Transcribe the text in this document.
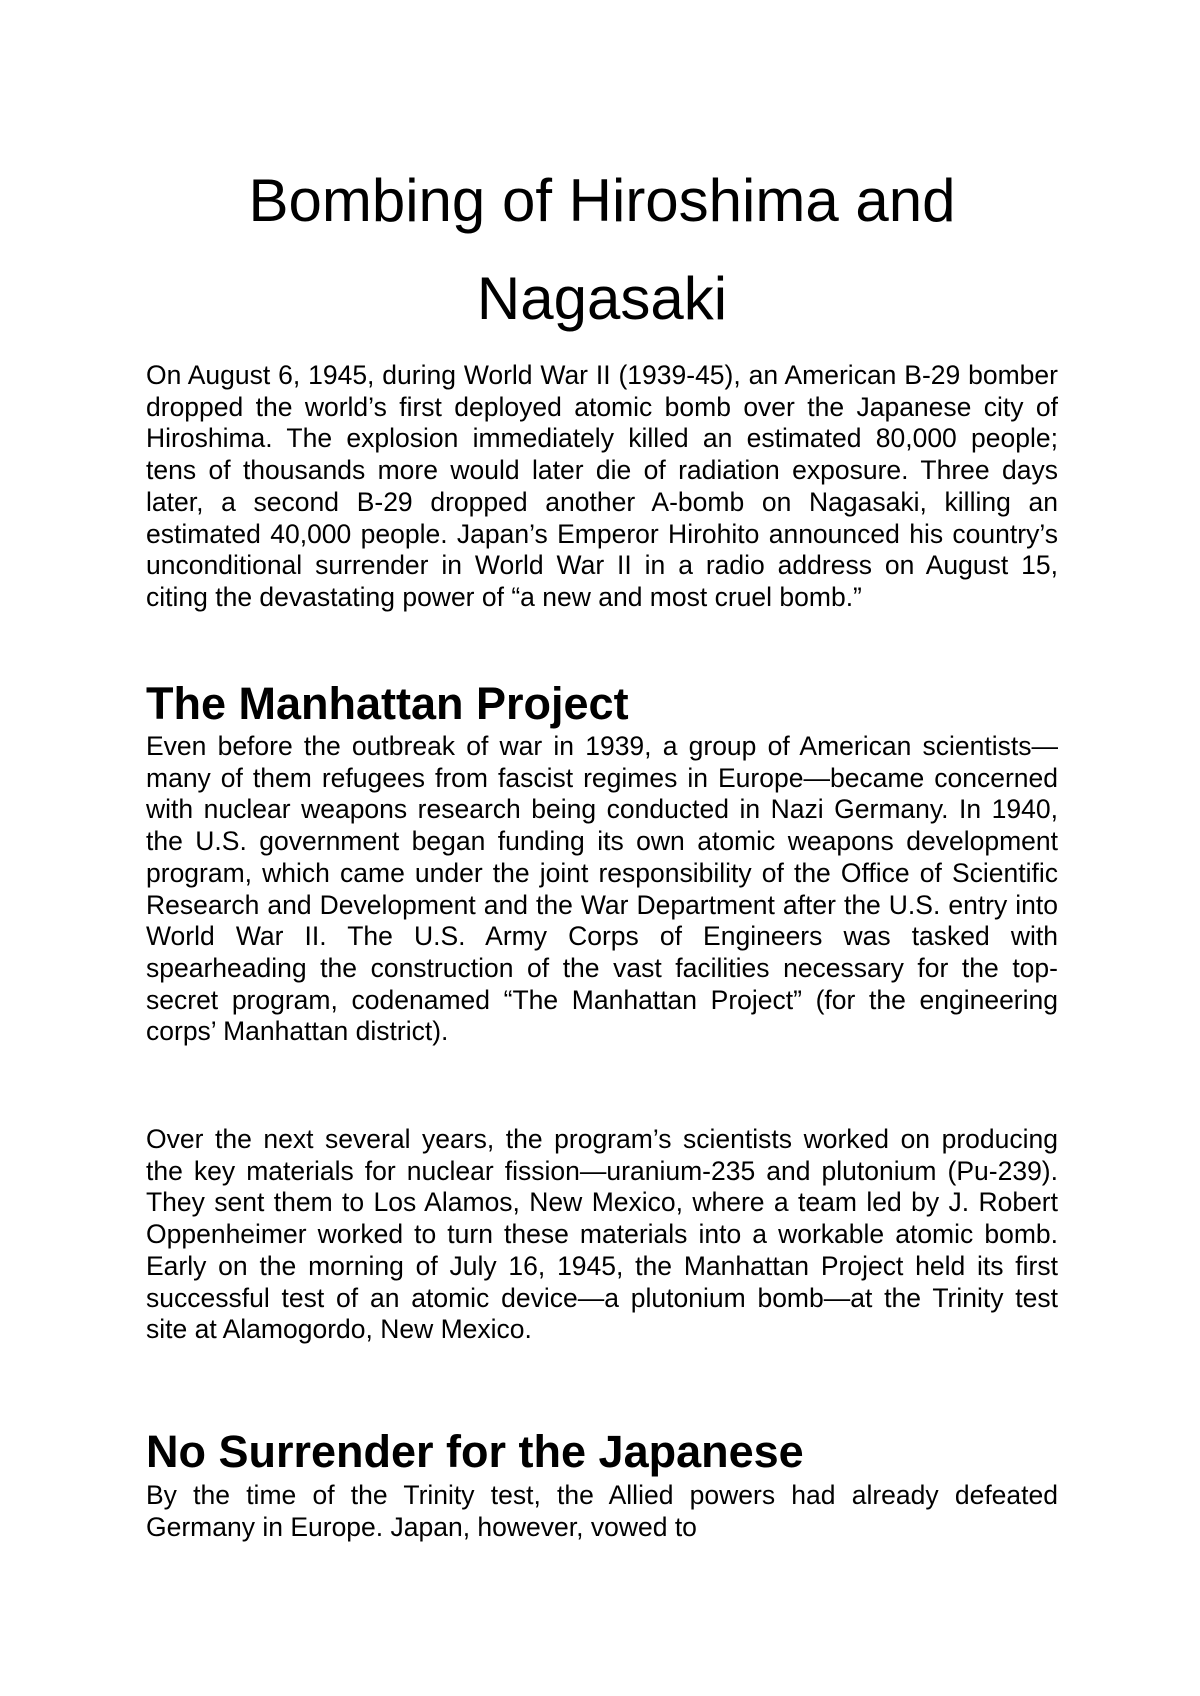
Bombing of Hiroshima and Nagasaki

On August 6, 1945, during World War II (1939-45), an American B-29 bomber dropped the world’s first deployed atomic bomb over the Japanese city of Hiroshima. The explosion immediately killed an estimated 80,000 people; tens of thousands more would later die of radiation exposure. Three days later, a second B-29 dropped another A-bomb on Nagasaki, killing an estimated 40,000 people. Japan’s Emperor Hirohito announced his country’s unconditional surrender in World War II in a radio address on August 15, citing the devastating power of “a new and most cruel bomb.”

The Manhattan Project

Even before the outbreak of war in 1939, a group of American scientists—many of them refugees from fascist regimes in Europe—became concerned with nuclear weapons research being conducted in Nazi Germany. In 1940, the U.S. government began funding its own atomic weapons development program, which came under the joint responsibility of the Office of Scientific Research and Development and the War Department after the U.S. entry into World War II. The U.S. Army Corps of Engineers was tasked with spearheading the construction of the vast facilities necessary for the top-secret program, codenamed “The Manhattan Project” (for the engineering corps’ Manhattan district).

Over the next several years, the program’s scientists worked on producing the key materials for nuclear fission—uranium-235 and plutonium (Pu-239). They sent them to Los Alamos, New Mexico, where a team led by J. Robert Oppenheimer worked to turn these materials into a workable atomic bomb. Early on the morning of July 16, 1945, the Manhattan Project held its first successful test of an atomic device—a plutonium bomb—at the Trinity test site at Alamogordo, New Mexico.

No Surrender for the Japanese

By the time of the Trinity test, the Allied powers had already defeated Germany in Europe. Japan, however, vowed to
